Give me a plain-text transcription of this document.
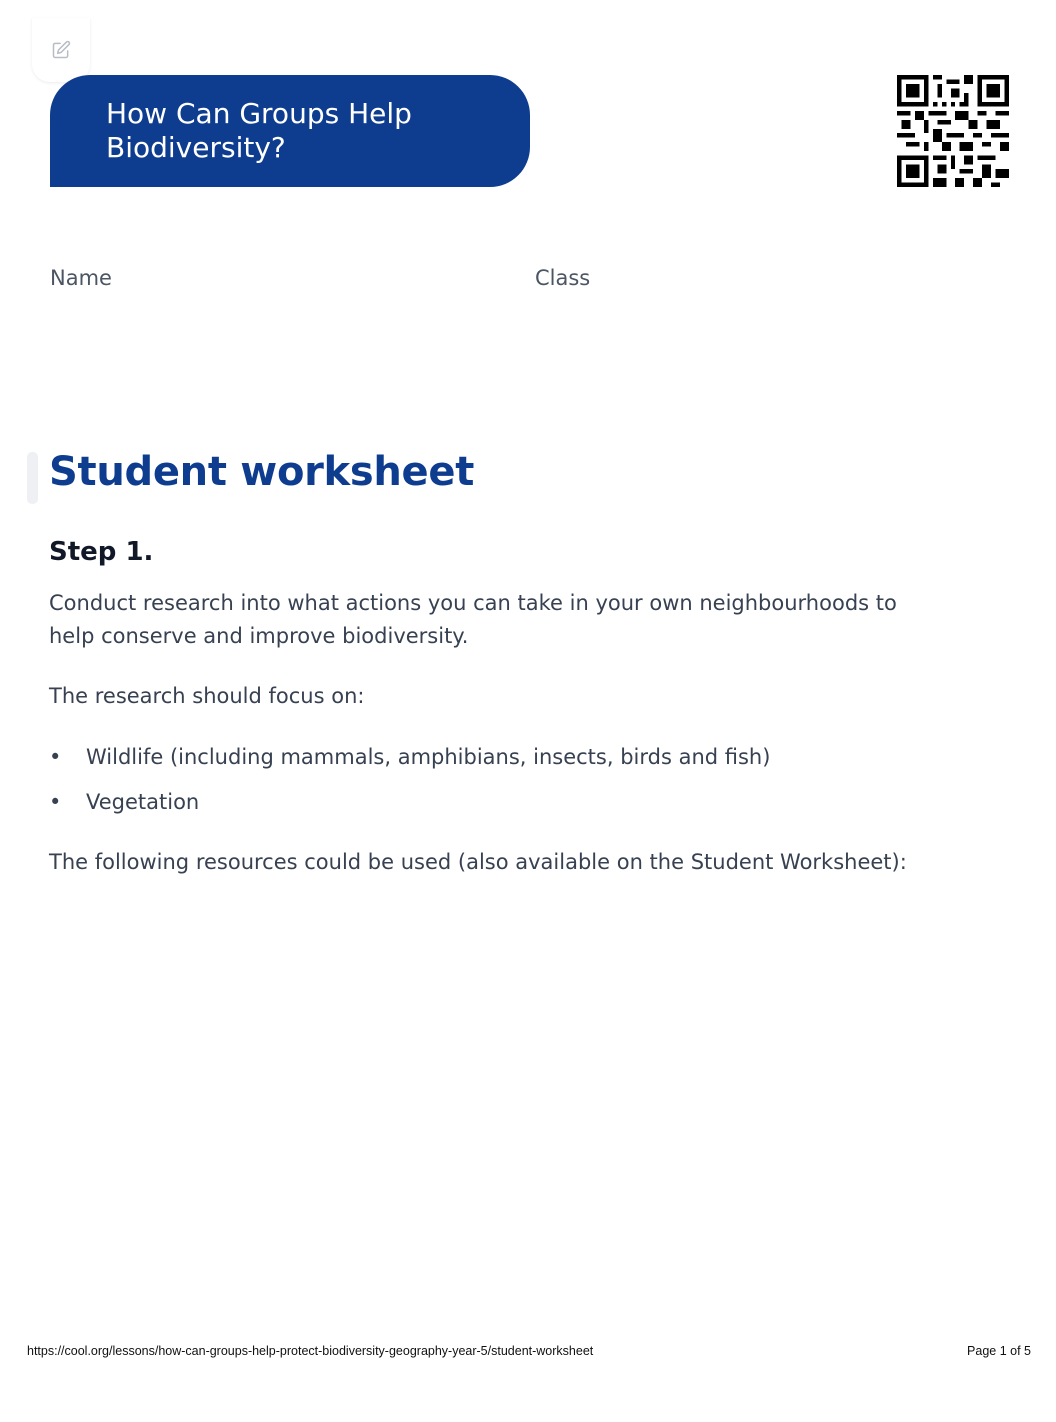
How Can Groups Help
Biodiversity?
Name	Class
Student worksheet
Step 1.
Conduct research into what actions you can take in your own neighbourhoods to
help conserve and improve biodiversity.
The research should focus on:
•	Wildlife (including mammals, amphibians, insects, birds and fish)
•	Vegetation
The following resources could be used (also available on the Student Worksheet):
https://cool.org/lessons/how-can-groups-help-protect-biodiversity-geography-year-5/student-worksheet	Page 1 of 5
